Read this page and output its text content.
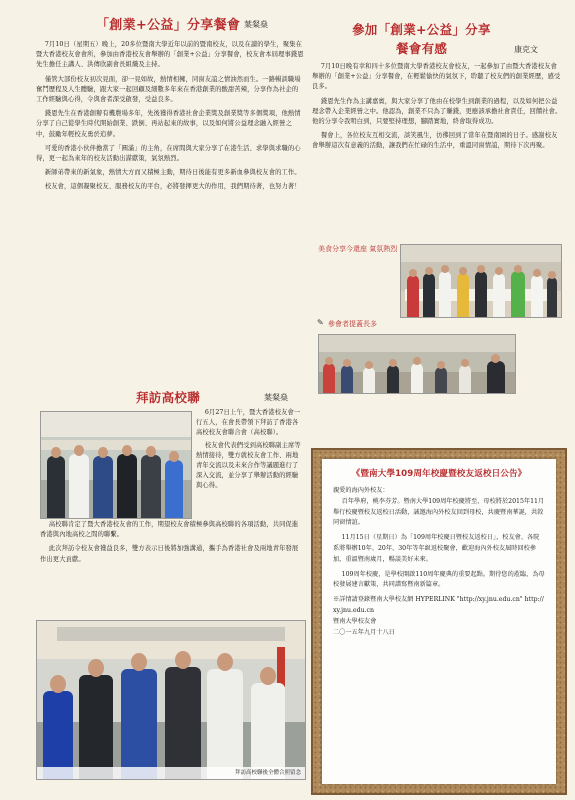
「創業+公益」分享餐會 葉粲燊

7月10日（星期五）晚上，20多位暨南大學近年以前的暨南校友，以及在讀的學生，聚集在暨大香港校友會會所，參加由香港校友會舉辦的「創業+公益」分享餐會，校友會本屆理事錢恩先生擔任主講人、洪傳欣副會長組織及主持。

僅管大部份校友初次見面，卻一見如故，熱情相擁，同窗友誼之情油然而生。一路暢談職場奮鬥歷程及人生體驗，跟大家一起回顧及細數多年來在香港創業的酸甜苦辣，分享作為社企的工作經驗與心得，令與會者深受啟發，受益良多。

錢恩先生在香港創辦有機農場多年，先後獲得香港社會企業獎及創業獎等多個獎項，他熱情分享了自己從學生時代開始創業、跌倒、再站起來的故事，以及如何將公益理念融入經營之中，鼓勵年輕校友勇於追夢。

可愛的香港小伙伴擔當了「圓滿」的主角，在席間與大家分享了在港生活、求學與求職的心得，更一起為來年的校友活動出謀獻策，氣氛熱烈。

新師弟帶來的新氣象，熱情大方而又積極主動，期待日後能有更多新血參與校友會的工作。

校友會，這個凝聚校友、服務校友的平台，必將發揮更大的作用，我們期待著，也努力著！

拜訪高校聯	葉粲燊

6月27日上午，暨大香港校友會一行五人，在會長帶領下拜訪了香港各高校校友會聯合會（高校聯）。

校友會代表們受到高校聯副主席等熱情接待，雙方就校友會工作、兩地青年交流以及未來合作等議題進行了深入交流，並分享了舉辦活動的經驗與心得。

高校聯肯定了暨大香港校友會的工作，期望校友會積極參與高校聯的各項活動，共同促進香港與內地高校之間的聯繫。

此次拜訪令校友會獲益良多，雙方表示日後將加強溝通，攜手為香港社會及兩地青年發展作出更大貢獻。

拜訪高校聯後全體合照留念
參加「創業+公益」分享
餐會有感	康克文

7月10日晚有幸和四十多位暨南大學香港校友會校友，一起參加了由暨大香港校友會舉辦的「創業+公益」分享餐會，在輕鬆愉快的氣氛下，聆聽了校友們的創業經歷，感受良多。

錢恩先生作為主講嘉賓，與大家分享了他由在校學生到創業的過程，以及如何把公益理念帶入企業經營之中。他認為，創業不只為了賺錢，更應該承擔社會責任，回饋社會。他的分享令我明白到，只要堅持理想，腳踏實地，終會取得成功。

餐會上，各位校友互相交流，談笑風生，彷彿回到了當年在暨南園的日子。感謝校友會舉辦這次有意義的活動，讓我們在忙碌的生活中，重溫同窗情誼，期待下次再聚。

美食分享今還座 氣氛熱烈
✎ 參會者提蓋長多
《暨南大學109周年校慶暨校友返校日公告》

親愛的海內外校友：

百年學府，桃李芬芳。暨南大學109周年校慶將至，母校將於2015年11月舉行校慶暨校友返校日活動，誠邀海內外校友回到母校，共慶暨南華誕，共敘同窗情誼。

11月15日（星期日）為「109周年校慶日暨校友返校日」，校友會、各院系將舉辦10年、20年、30年等年級返校聚會，歡迎海內外校友屆時回校參加，重溫暨南歲月，暢談美好未來。

109周年校慶，是學校開啟110周年慶典的重要起點。期待您的蒞臨，為母校發展建言獻策，共同譜寫暨南新篇章。

※詳情請登錄暨南大學校友網 HYPERLINK "http://xy.jnu.edu.cn" http://xy.jnu.edu.cn

暨南大學校友會

二〇一五年九月十八日
